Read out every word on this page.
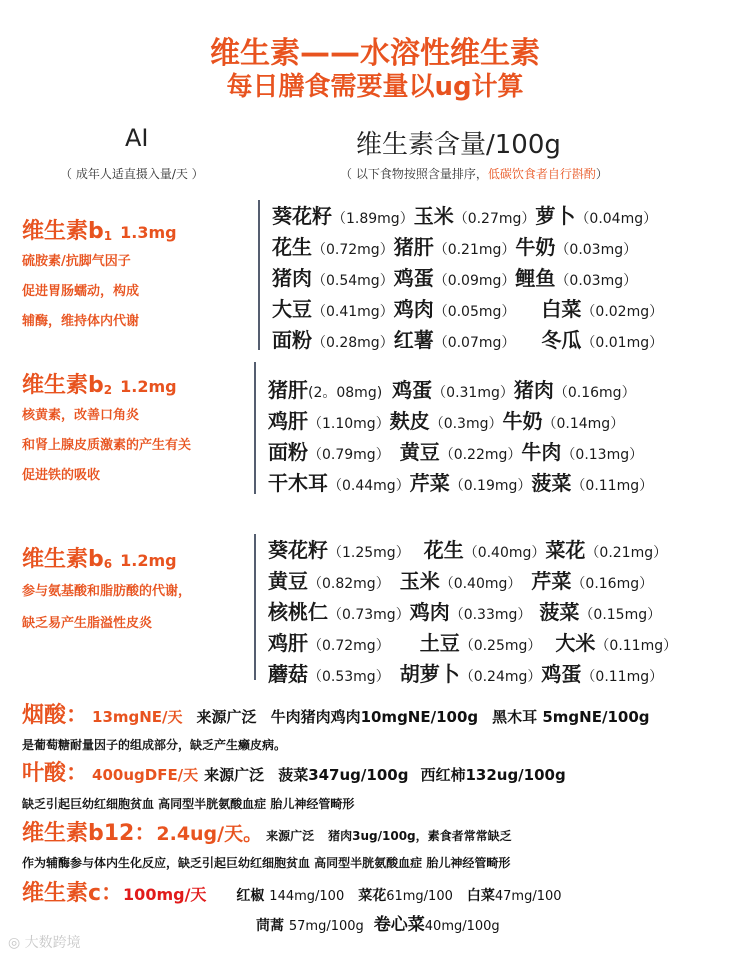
维生素——水溶性维生素
每日膳食需要量以ug计算
AI	维生素含量/100g
（ 成年人适直摄入量/天 ）	（ 以下食物按照含量排序，低碳饮食者自行斟酌）
维生素$b_1$ 1.3mg
硫胺素/抗脚气因子
促进胃肠蠕动，构成
辅酶，维持体内代谢
葵花籽（1.89mg）玉米（0.27mg）萝卜（0.04mg）
花生（0.72mg）猪肝（0.21mg）牛奶（0.03mg）
猪肉（0.54mg）鸡蛋（0.09mg）鲤鱼（0.03mg）
大豆（0.41mg）鸡肉（0.05mg） 白菜（0.02mg）
面粉（0.28mg）红薯（0.07mg） 冬瓜（0.01mg）
维生素$b_2$ 1.2mg
核黄素，改善口角炎
和肾上腺皮质激素的产生有关
促进铁的吸收
猪肝(2。08mg) 鸡蛋（0.31mg）猪肉（0.16mg）
鸡肝（1.10mg）麸皮（0.3mg）牛奶（0.14mg）
面粉（0.79mg） 黄豆（0.22mg）牛肉（0.13mg）
干木耳（0.44mg）芹菜（0.19mg）菠菜（0.11mg）
维生素$b_6$ 1.2mg
参与氨基酸和脂肪酸的代谢，
缺乏易产生脂溢性皮炎
葵花籽（1.25mg） 花生（0.40mg）菜花（0.21mg）
黄豆（0.82mg） 玉米（0.40mg） 芹菜（0.16mg）
核桃仁（0.73mg）鸡肉（0.33mg） 菠菜（0.15mg）
鸡肝（0.72mg） 土豆（0.25mg） 大米（0.11mg）
蘑菇（0.53mg） 胡萝卜（0.24mg）鸡蛋（0.11mg）
烟酸： 13mgNE/天 来源广泛 牛肉猪肉鸡肉10mgNE/100g 黑木耳 5mgNE/100g
是葡萄糖耐量因子的组成部分，缺乏产生癞皮病。
叶酸： 400ugDFE/天 来源广泛 菠菜347ug/100g 西红柿132ug/100g
缺乏引起巨幼红细胞贫血 高同型半胱氨酸血症 胎儿神经管畸形
维生素b12：2.4ug/天。 来源广泛 猪肉3ug/100g，素食者常常缺乏
作为辅酶参与体内生化反应，缺乏引起巨幼红细胞贫血 高同型半胱氨酸血症 胎儿神经管畸形
维生素c：100mg/天 红椒 144mg/100 菜花61mg/100 白菜47mg/100
茼蒿 57mg/100g 卷心菜40mg/100g
◎ 大数跨境
